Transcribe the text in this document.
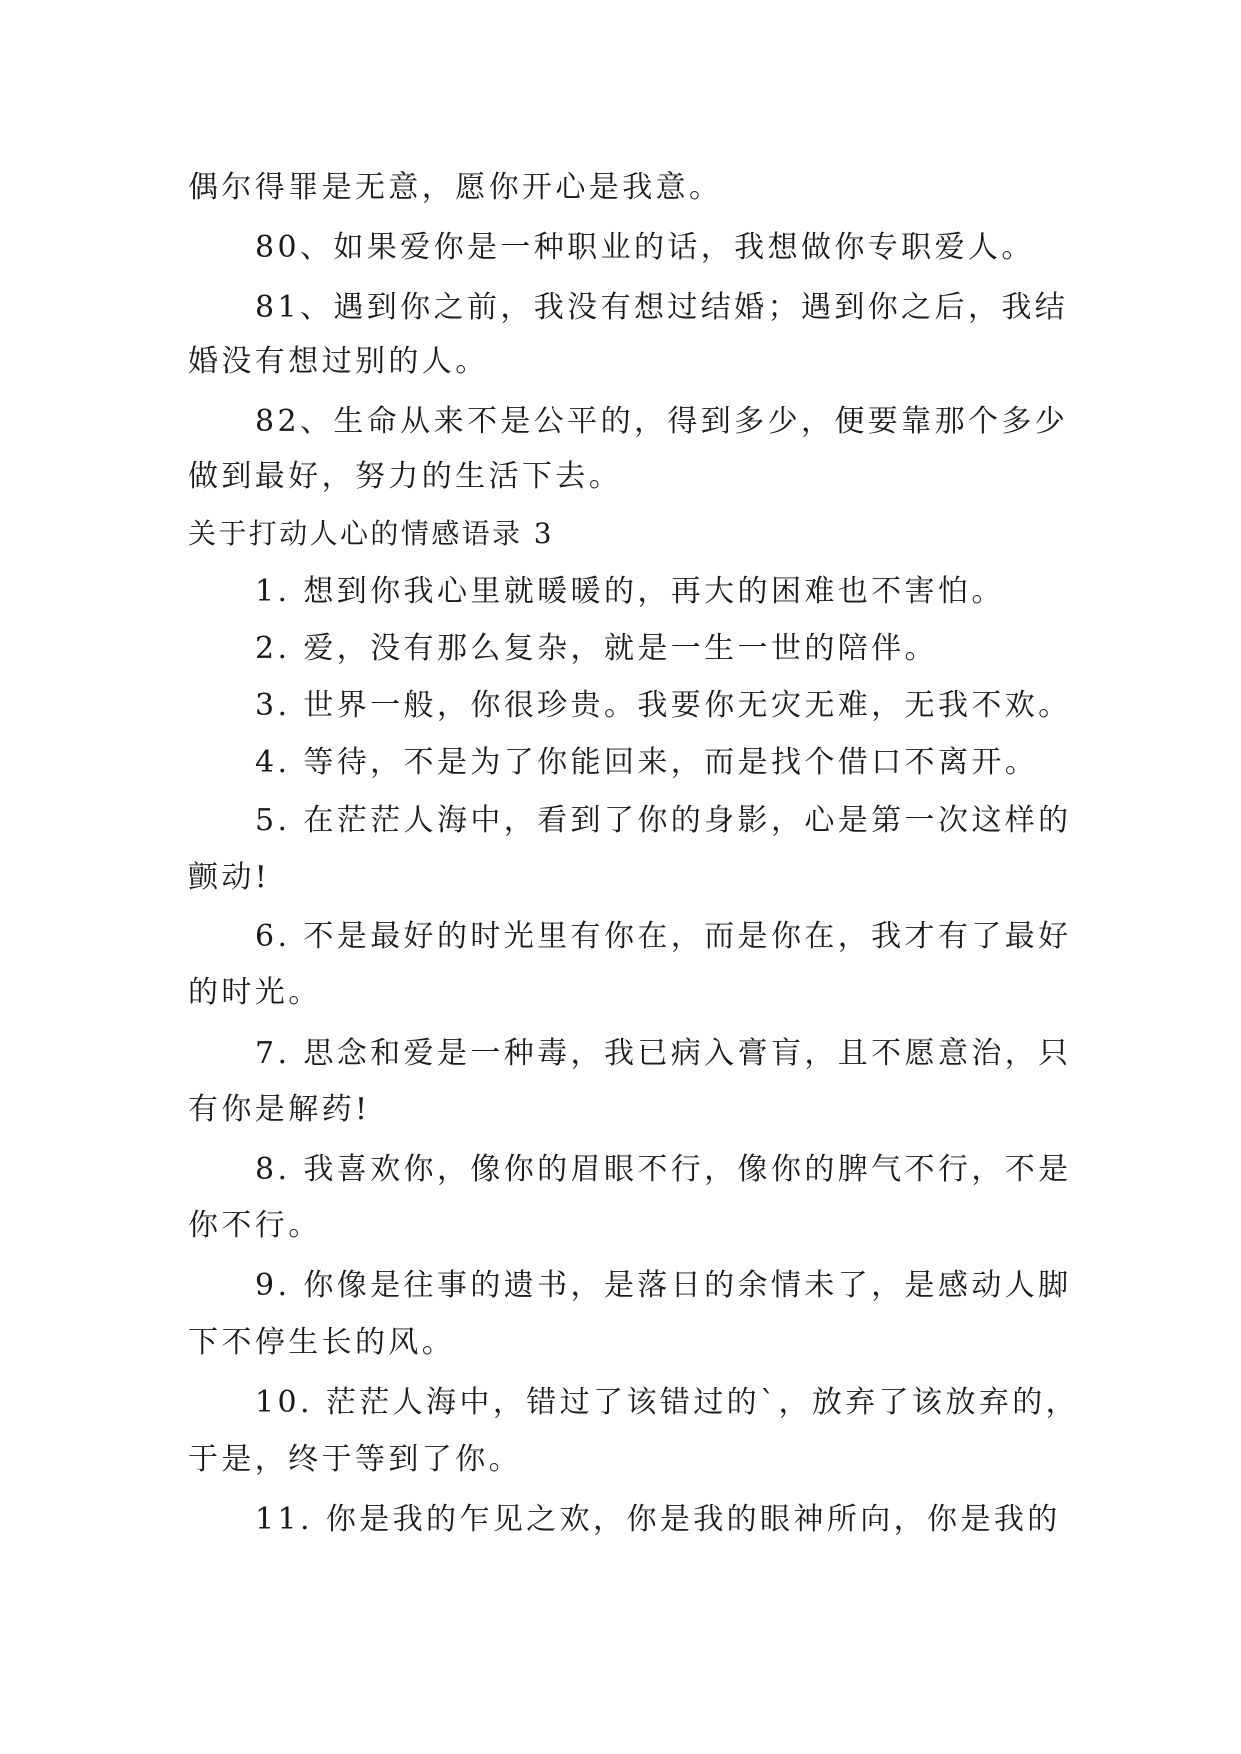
偶尔得罪是无意，愿你开心是我意。
80、如果爱你是一种职业的话，我想做你专职爱人。
81、遇到你之前，我没有想过结婚；遇到你之后，我结
婚没有想过别的人。
82、生命从来不是公平的，得到多少，便要靠那个多少
做到最好，努力的生活下去。
关于打动人心的情感语录 3
1. 想到你我心里就暖暖的，再大的困难也不害怕。
2. 爱，没有那么复杂，就是一生一世的陪伴。
3. 世界一般，你很珍贵。我要你无灾无难，无我不欢。
4. 等待，不是为了你能回来，而是找个借口不离开。
5. 在茫茫人海中，看到了你的身影，心是第一次这样的
颤动!
6. 不是最好的时光里有你在，而是你在，我才有了最好
的时光。
7. 思念和爱是一种毒，我已病入膏肓，且不愿意治，只
有你是解药!
8. 我喜欢你，像你的眉眼不行，像你的脾气不行，不是
你不行。
9. 你像是往事的遗书，是落日的余情未了，是感动人脚
下不停生长的风。
10. 茫茫人海中，错过了该错过的`，放弃了该放弃的，
于是，终于等到了你。
11. 你是我的乍见之欢，你是我的眼神所向，你是我的
